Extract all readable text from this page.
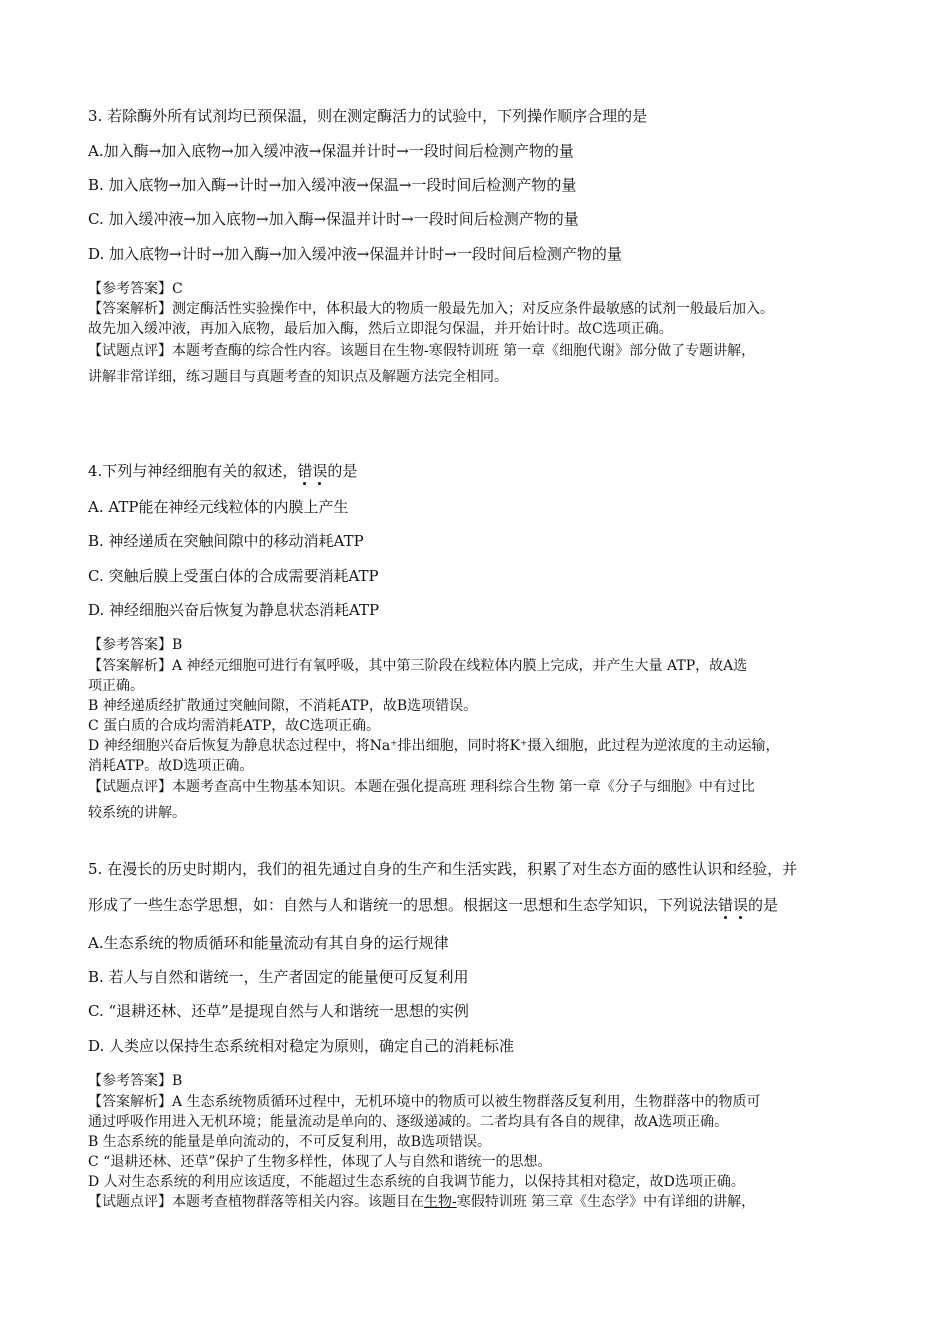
3. 若除酶外所有试剂均已预保温，则在测定酶活力的试验中，下列操作顺序合理的是
A.加入酶→加入底物→加入缓冲液→保温并计时→一段时间后检测产物的量
B. 加入底物→加入酶→计时→加入缓冲液→保温→一段时间后检测产物的量
C. 加入缓冲液→加入底物→加入酶→保温并计时→一段时间后检测产物的量
D. 加入底物→计时→加入酶→加入缓冲液→保温并计时→一段时间后检测产物的量
【参考答案】C
【答案解析】测定酶活性实验操作中，体积最大的物质一般最先加入；对反应条件最敏感的试剂一般最后加入。
故先加入缓冲液，再加入底物，最后加入酶，然后立即混匀保温，并开始计时。故C选项正确。
【试题点评】本题考查酶的综合性内容。该题目在生物-寒假特训班 第一章《细胞代谢》部分做了专题讲解，
讲解非常详细，练习题目与真题考查的知识点及解题方法完全相同。
4.下列与神经细胞有关的叙述，错误的是
A. ATP能在神经元线粒体的内膜上产生
B. 神经递质在突触间隙中的移动消耗ATP
C. 突触后膜上受蛋白体的合成需要消耗ATP
D. 神经细胞兴奋后恢复为静息状态消耗ATP
【参考答案】B
【答案解析】A 神经元细胞可进行有氧呼吸，其中第三阶段在线粒体内膜上完成，并产生大量 ATP，故A选
项正确。
B 神经递质经扩散通过突触间隙，不消耗ATP，故B选项错误。
C 蛋白质的合成均需消耗ATP，故C选项正确。
D 神经细胞兴奋后恢复为静息状态过程中，将Na⁺排出细胞，同时将K⁺摄入细胞，此过程为逆浓度的主动运输，
消耗ATP。故D选项正确。
【试题点评】本题考查高中生物基本知识。本题在强化提高班 理科综合生物 第一章《分子与细胞》中有过比
较系统的讲解。
5. 在漫长的历史时期内，我们的祖先通过自身的生产和生活实践，积累了对生态方面的感性认识和经验，并
形成了一些生态学思想，如：自然与人和谐统一的思想。根据这一思想和生态学知识，下列说法错误的是
A.生态系统的物质循环和能量流动有其自身的运行规律
B. 若人与自然和谐统一，生产者固定的能量便可反复利用
C. “退耕还林、还草”是提现自然与人和谐统一思想的实例
D. 人类应以保持生态系统相对稳定为原则，确定自己的消耗标准
【参考答案】B
【答案解析】A 生态系统物质循环过程中，无机环境中的物质可以被生物群落反复利用，生物群落中的物质可
通过呼吸作用进入无机环境；能量流动是单向的、逐级递减的。二者均具有各自的规律，故A选项正确。
B 生态系统的能量是单向流动的，不可反复利用，故B选项错误。
C “退耕还林、还草”保护了生物多样性，体现了人与自然和谐统一的思想。
D 人对生态系统的利用应该适度，不能超过生态系统的自我调节能力，以保持其相对稳定，故D选项正确。
【试题点评】本题考查植物群落等相关内容。该题目在生物-寒假特训班 第三章《生态学》中有详细的讲解，
